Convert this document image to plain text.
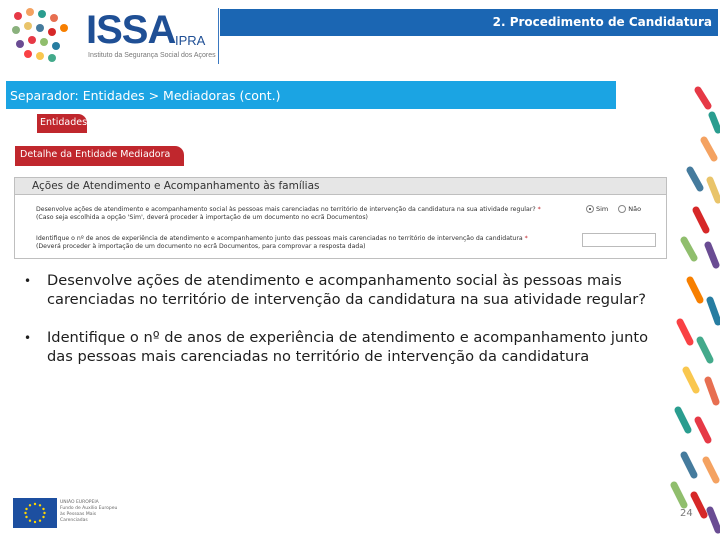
ISSA IPRA
Instituto da Segurança Social dos Açores
2. Procedimento de Candidatura
Separador: Entidades > Mediadoras (cont.)
Entidades
Detalhe da Entidade Mediadora
Ações de Atendimento e Acompanhamento às famílias
Desenvolve ações de atendimento e acompanhamento social às pessoas mais carenciadas no território de intervenção da candidatura na sua atividade regular? *
(Caso seja escolhida a opção 'Sim', deverá proceder à importação de um documento no ecrã Documentos)
Sim	Não
Identifique o nº de anos de experiência de atendimento e acompanhamento junto das pessoas mais carenciadas no território de intervenção da candidatura *
(Deverá proceder à importação de um documento no ecrã Documentos, para comprovar a resposta dada)
•	Desenvolve ações de atendimento e acompanhamento social às pessoas mais carenciadas no território de intervenção da candidatura na sua atividade regular?
•	Identifique o nº de anos de experiência de atendimento e acompanhamento junto das pessoas mais carenciadas no território de intervenção da candidatura
UNIÃO EUROPEIA
Fundo de Auxílio Europeu às Pessoas Mais Carenciadas
24
